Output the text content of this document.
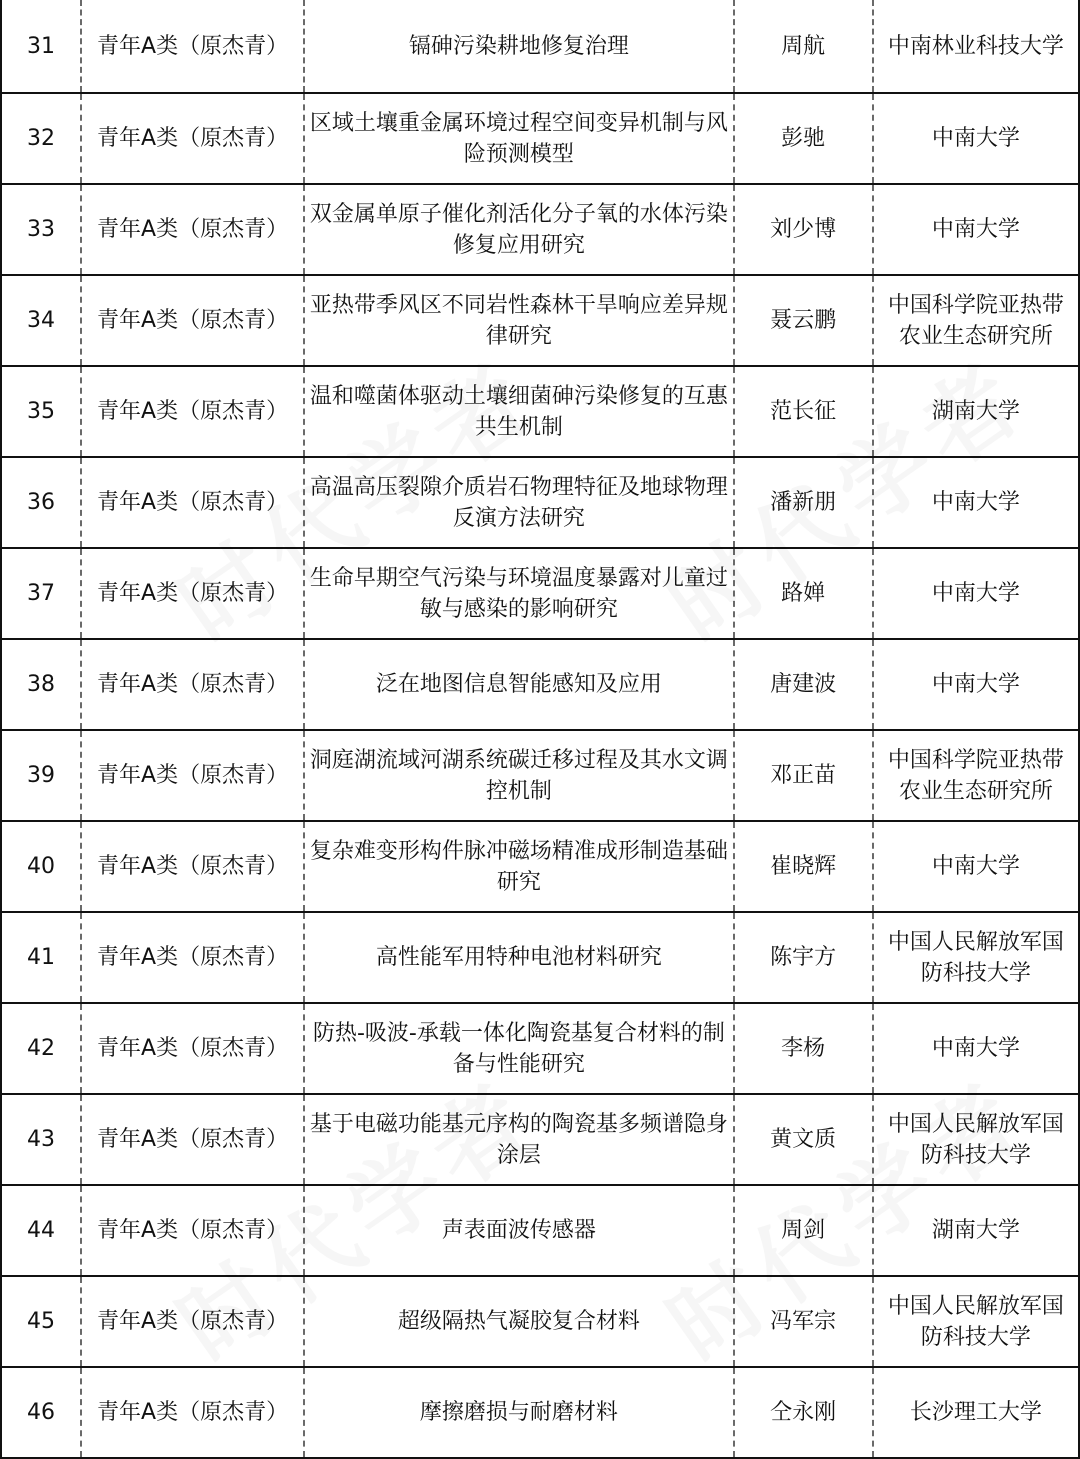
31	青年A类（原杰青）	镉砷污染耕地修复治理	周航	中南林业科技大学
32	青年A类（原杰青）	区域土壤重金属环境过程空间变异机制与风险预测模型	彭驰	中南大学
33	青年A类（原杰青）	双金属单原子催化剂活化分子氧的水体污染修复应用研究	刘少博	中南大学
34	青年A类（原杰青）	亚热带季风区不同岩性森林干旱响应差异规律研究	聂云鹏	中国科学院亚热带农业生态研究所
35	青年A类（原杰青）	温和噬菌体驱动土壤细菌砷污染修复的互惠共生机制	范长征	湖南大学
36	青年A类（原杰青）	高温高压裂隙介质岩石物理特征及地球物理反演方法研究	潘新朋	中南大学
37	青年A类（原杰青）	生命早期空气污染与环境温度暴露对儿童过敏与感染的影响研究	路婵	中南大学
38	青年A类（原杰青）	泛在地图信息智能感知及应用	唐建波	中南大学
39	青年A类（原杰青）	洞庭湖流域河湖系统碳迁移过程及其水文调控机制	邓正苗	中国科学院亚热带农业生态研究所
40	青年A类（原杰青）	复杂难变形构件脉冲磁场精准成形制造基础研究	崔晓辉	中南大学
41	青年A类（原杰青）	高性能军用特种电池材料研究	陈宇方	中国人民解放军国防科技大学
42	青年A类（原杰青）	防热-吸波-承载一体化陶瓷基复合材料的制备与性能研究	李杨	中南大学
43	青年A类（原杰青）	基于电磁功能基元序构的陶瓷基多频谱隐身涂层	黄文质	中国人民解放军国防科技大学
44	青年A类（原杰青）	声表面波传感器	周剑	湖南大学
45	青年A类（原杰青）	超级隔热气凝胶复合材料	冯军宗	中国人民解放军国防科技大学
46	青年A类（原杰青）	摩擦磨损与耐磨材料	仝永刚	长沙理工大学
